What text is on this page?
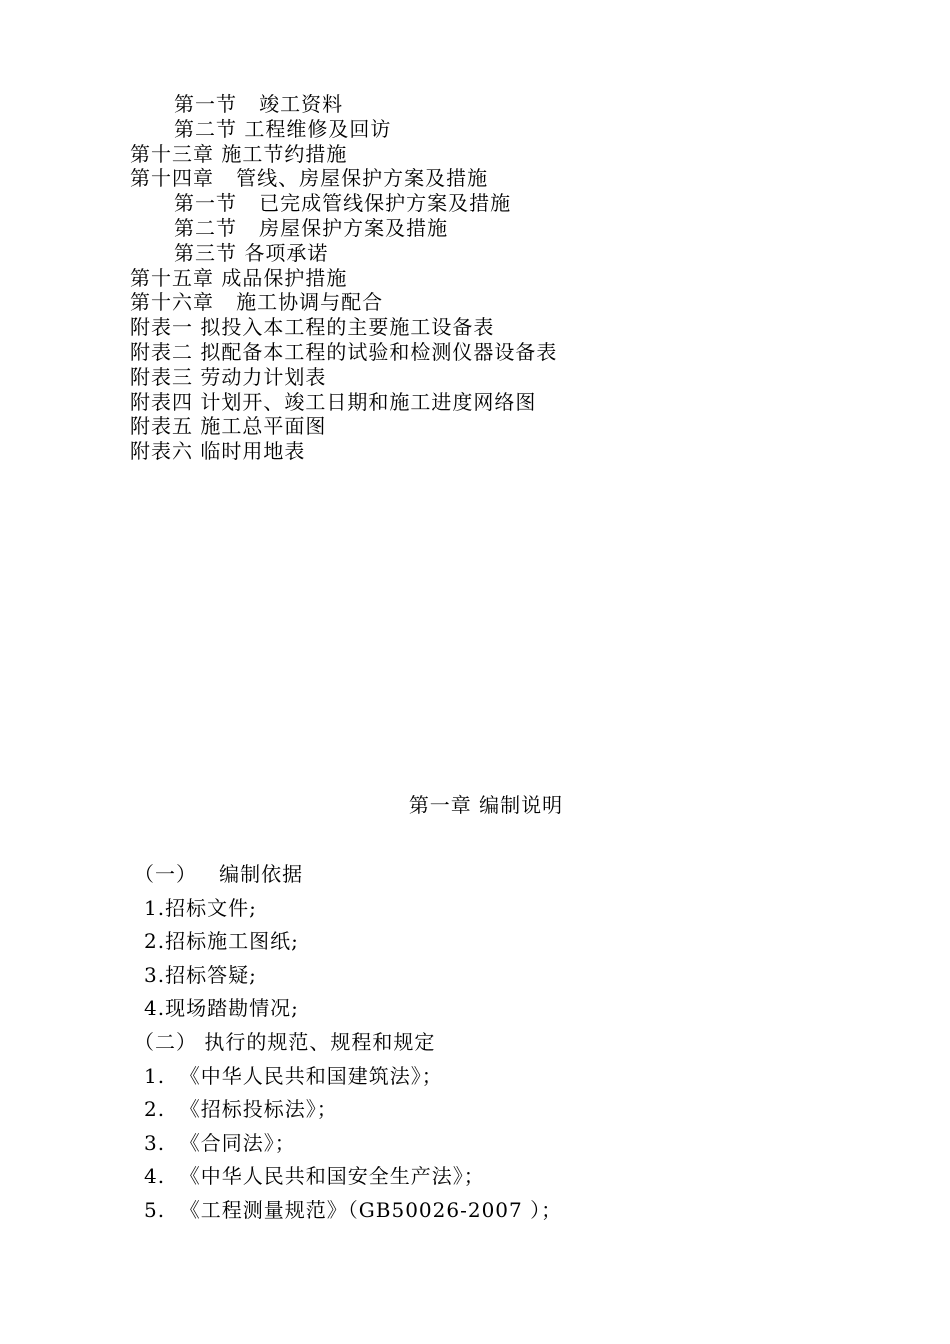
第一节   竣工资料
第二节 工程维修及回访
第十三章 施工节约措施
第十四章   管线、房屋保护方案及措施
第一节   已完成管线保护方案及措施
第二节   房屋保护方案及措施
第三节 各项承诺
第十五章 成品保护措施
第十六章   施工协调与配合
附表一 拟投入本工程的主要施工设备表
附表二 拟配备本工程的试验和检测仪器设备表
附表三 劳动力计划表
附表四 计划开、竣工日期和施工进度网络图
附表五 施工总平面图
附表六 临时用地表
第一章 编制说明
（一）   编制依据
1.招标文件;
2.招标施工图纸;
3.招标答疑;
4.现场踏勘情况;
（二） 执行的规范、规程和规定
1.  《中华人民共和国建筑法》；
2.  《招标投标法》；
3.  《合同法》；
4.  《中华人民共和国安全生产法》；
5.  《工程测量规范》（GB50026-2007 ）；
